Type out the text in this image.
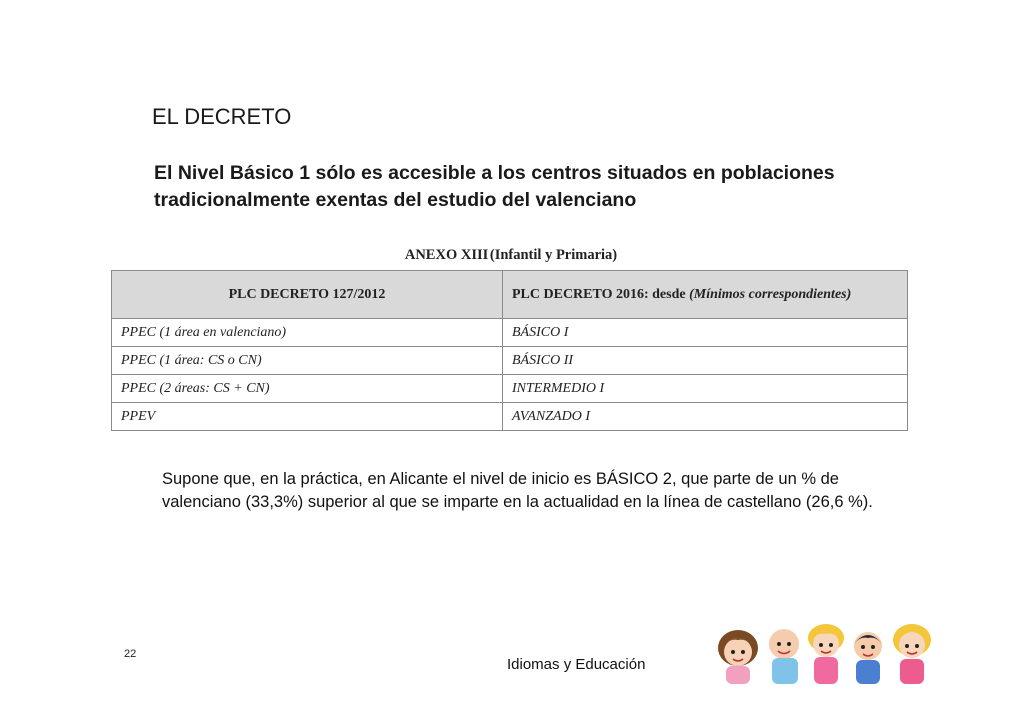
EL DECRETO
El Nivel Básico 1 sólo es accesible a los centros situados en poblaciones tradicionalmente exentas del estudio del valenciano
ANEXO XIII (Infantil y Primaria)
PLC DECRETO 127/2012	PLC DECRETO 2016: desde (Mínimos correspondientes)
PPEC (1 área en valenciano)	BÁSICO I
PPEC (1 área: CS o CN)	BÁSICO II
PPEC (2 áreas: CS + CN)	INTERMEDIO I
PPEV	AVANZADO I
Supone que, en la práctica, en Alicante el nivel de inicio es BÁSICO 2, que parte de un % de valenciano (33,3%) superior al que se imparte en la actualidad en la línea de castellano (26,6 %).
22
Idiomas y Educación
